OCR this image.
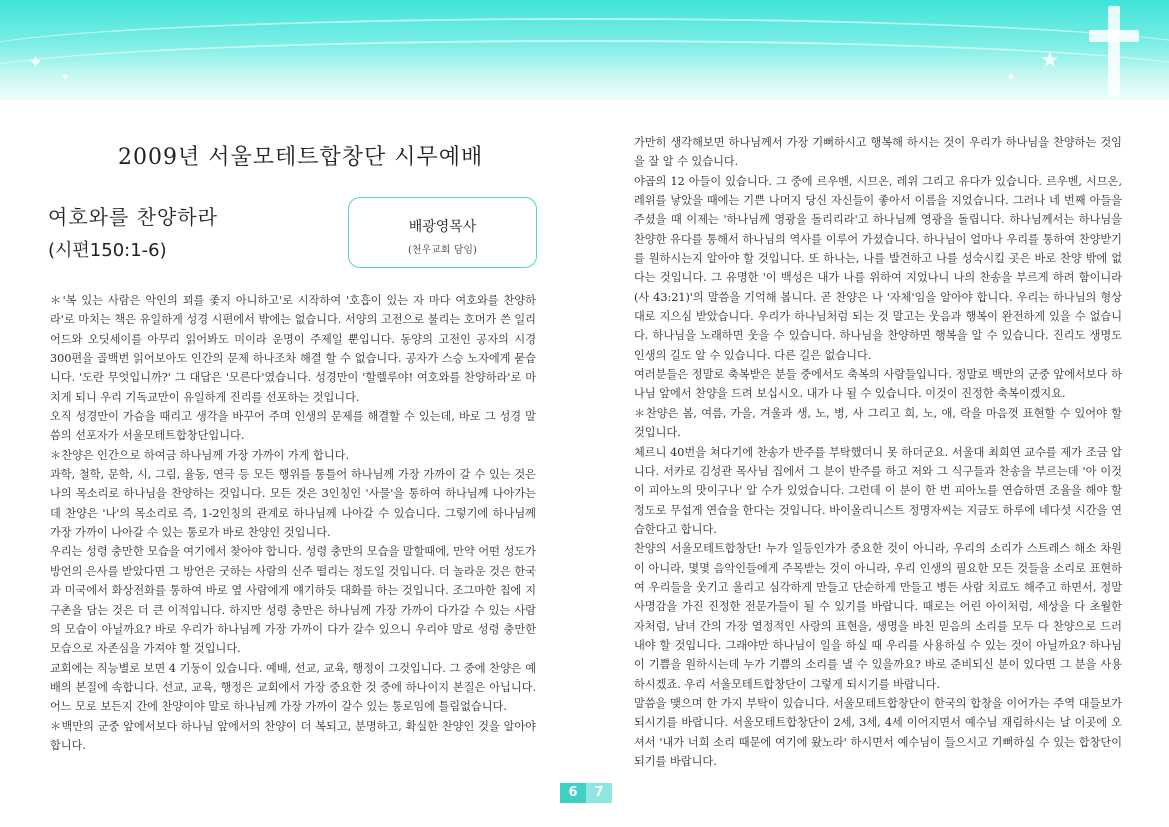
✦
✦
★
✦
2009년 서울모테트합창단 시무예배
여호와를 찬양하라
(시편150:1-6)
배광영목사
(천우교회 담임)

＊'복 있는 사람은 악인의 꾀를 좇지 아니하고'로 시작하여 '호흡이 있는 자 마다 여호와를 찬양하라'로 마치는 책은 유일하게 성경 시편에서 밖에는 없습니다. 서양의 고전으로 불리는 호머가 쓴 일리어드와 오딧세이를 아무리 읽어봐도 미이라 운명이 주제일 뿐입니다. 동양의 고전인 공자의 시경 300편을 골백번 읽어보아도 인간의 문제 하나조차 해결 할 수 없습니다. 공자가 스승 노자에게 묻습니다. '도란 무엇입니까?' 그 대답은 '모른다'였습니다. 성경만이 '할렐루야! 여호와를 찬양하라'로 마치게 되니 우리 기독교만이 유일하게 진리를 선포하는 것입니다.

오직 성경만이 가슴을 때리고 생각을 바꾸어 주며 인생의 문제를 해결할 수 있는데, 바로 그 성경 말씀의 선포자가 서울모테트합창단입니다.

＊찬양은 인간으로 하여금 하나님께 가장 가까이 가게 합니다.

과학, 철학, 문학, 시, 그림, 율동, 연극 등 모든 행위를 통틀어 하나님께 가장 가까이 갈 수 있는 것은 나의 목소리로 하나님을 찬양하는 것입니다. 모든 것은 3인칭인 '사물'을 통하여 하나님께 나아가는 데 찬양은 '나'의 목소리로 즉, 1-2인칭의 관계로 하나님께 나아갈 수 있습니다. 그렇기에 하나님께 가장 가까이 나아갈 수 있는 통로가 바로 찬양인 것입니다.

우리는 성령 충만한 모습을 여기에서 찾아야 합니다. 성령 충만의 모습을 말할때에, 만약 어떤 성도가 방언의 은사를 받았다면 그 방언은 굿하는 사람의 신주 떨리는 정도일 것입니다. 더 놀라운 것은 한국과 미국에서 화상전화를 통하여 바로 옆 사람에게 얘기하듯 대화를 하는 것입니다. 조그마한 칩에 지구촌을 담는 것은 더 큰 이적입니다. 하지만 성령 충만은 하나님께 가장 가까이 다가갈 수 있는 사람의 모습이 아닐까요? 바로 우리가 하나님께 가장 가까이 다가 갈수 있으니 우리야 말로 성령 충만한 모습으로 자존심을 가져야 할 것입니다.

교회에는 직능별로 보면 4 기둥이 있습니다. 예배, 선교, 교육, 행정이 그것입니다. 그 중에 찬양은 예배의 본질에 속합니다. 선교, 교육, 행정은 교회에서 가장 중요한 것 중에 하나이지 본질은 아닙니다. 어느 모로 보든지 간에 찬양이야 말로 하나님께 가장 가까이 갈수 있는 통로임에 틀림없습니다.

＊백만의 군중 앞에서보다 하나님 앞에서의 찬양이 더 복되고, 분명하고, 확실한 찬양인 것을 알아야 합니다.

가만히 생각해보면 하나님께서 가장 기뻐하시고 행복해 하시는 것이 우리가 하나님을 찬양하는 것임을 잘 알 수 있습니다.

야곱의 12 아들이 있습니다. 그 중에 르우벤, 시므온, 레위 그리고 유다가 있습니다. 르우벤, 시므온, 레위를 낳았을 때에는 기쁜 나머지 당신 자신들이 좋아서 이름을 지었습니다. 그러나 네 번째 아들을 주셨을 때 이제는 '하나님께 영광을 돌리리라'고 하나님께 영광을 돌립니다. 하나님께서는 하나님을 찬양한 유다를 통해서 하나님의 역사를 이루어 가셨습니다. 하나님이 얼마나 우리를 통하여 찬양받기를 원하시는지 알아야 할 것입니다. 또 하나는, 나를 발견하고 나를 성숙시킬 곳은 바로 찬양 밖에 없다는 것입니다. 그 유명한 '이 백성은 내가 나를 위하여 지었나니 나의 찬송을 부르게 하려 함이니라(사 43:21)'의 말씀을 기억해 봅니다. 곧 찬양은 나 '자체'임을 알아야 합니다. 우리는 하나님의 형상대로 지으심 받았습니다. 우리가 하나님처럼 되는 것 말고는 웃음과 행복이 완전하게 있을 수 없습니다. 하나님을 노래하면 웃을 수 있습니다. 하나님을 찬양하면 행복을 알 수 있습니다. 진리도 생명도 인생의 길도 알 수 있습니다. 다른 길은 없습니다.

여러분들은 정말로 축복받은 분들 중에서도 축복의 사람들입니다. 정말로 백만의 군중 앞에서보다 하나님 앞에서 찬양을 드려 보십시오. 내가 나 될 수 있습니다. 이것이 진정한 축복이겠지요.

＊찬양은 봄, 여름, 가을, 겨울과 생, 노, 병, 사 그리고 희, 노, 애, 락을 마음껏 표현할 수 있어야 할 것입니다.

체르니 40번을 쳐다기에 찬송가 반주를 부탁했더니 못 하더군요. 서울대 최희연 교수를 제가 조금 압니다. 서카로 김성관 목사님 집에서 그 분이 반주를 하고 저와 그 식구들과 찬송을 부르는데 '아 이것이 피아노의 맛이구나' 알 수가 있었습니다. 그런데 이 분이 한 번 피아노를 연습하면 조율을 해야 할 정도로 무섭게 연습을 한다는 것입니다. 바이올리니스트 정명자씨는 지금도 하루에 네다섯 시간을 연습한다고 합니다.

찬양의 서울모테트합창단! 누가 일등인가가 중요한 것이 아니라, 우리의 소리가 스트레스 해소 차원이 아니라, 몇몇 음악인들에게 주목받는 것이 아니라, 우리 인생의 필요한 모든 것들을 소리로 표현하여 우리들을 웃기고 울리고 심각하게 만들고 단순하게 만들고 병든 사람 치료도 해주고 하면서, 정말 사명감을 가진 진정한 전문가들이 될 수 있기를 바랍니다. 때로는 어린 아이처럼, 세상을 다 초월한 자처럼, 남녀 간의 가장 열정적인 사랑의 표현을, 생명을 바친 믿음의 소리를 모두 다 찬양으로 드러내야 할 것입니다. 그래야만 하나님이 일을 하실 때 우리를 사용하실 수 있는 것이 아닐까요? 하나님이 기쁨을 원하시는데 누가 기쁨의 소리를 낼 수 있을까요? 바로 준비되신 분이 있다면 그 분을 사용하시겠죠. 우리 서울모테트합창단이 그렇게 되시기를 바랍니다.

말씀을 맺으며 한 가지 부탁이 있습니다. 서울모테트합창단이 한국의 합창을 이어가는 주역 대들보가 되시기를 바랍니다. 서울모테트합창단이 2세, 3세, 4세 이어지면서 예수님 재림하시는 날 이곳에 오셔서 '내가 너희 소리 때문에 여기에 왔노라' 하시면서 예수님이 들으시고 기뻐하실 수 있는 합창단이 되기를 바랍니다.

6	7
